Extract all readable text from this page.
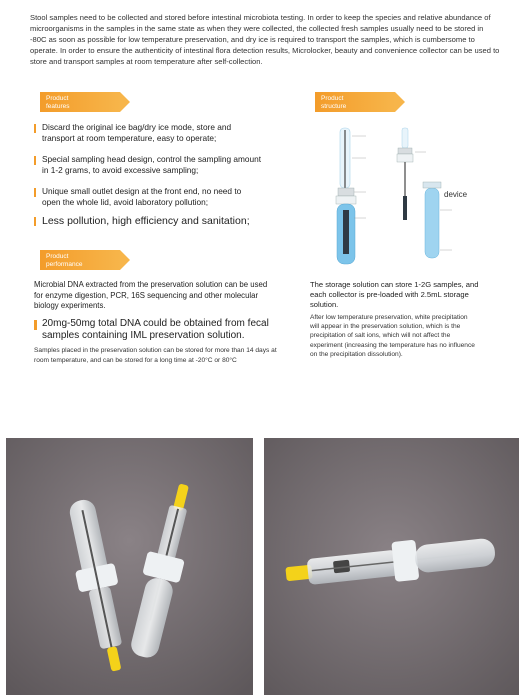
Stool samples need to be collected and stored before intestinal microbiota testing. In order to keep the species and relative abundance of microorganisms in the samples in the same state as when they were collected, the collected fresh samples usually need to be stored in -80C as soon as possible for low temperature preservation, and dry ice is required to transport the samples, which is cumbersome to operate. In order to ensure the authenticity of intestinal flora detection results, Microlocker, beauty and convenience collector can be used to store and transport samples at room temperature after self-collection.
Product
features
Discard the original ice bag/dry ice mode, store and transport at room temperature, easy to operate;
Special sampling head design, control the sampling amount in 1-2 grams, to avoid excessive sampling;
Unique small outlet design at the front end, no need to open the whole lid, avoid laboratory pollution;
Less pollution, high efficiency and sanitation;
Product
performance
Microbial DNA extracted from the preservation solution can be used for enzyme digestion, PCR, 16S sequencing and other molecular biology experiments.
20mg-50mg total DNA could be obtained from fecal samples containing IML preservation solution.
Samples placed in the preservation solution can be stored for more than 14 days at room temperature, and can be stored for a long time at -20°C or 80°C
Product
structure
device
The storage solution can store 1-2G samples, and each collector is pre-loaded with 2.5mL storage solution.
After low temperature preservation, white precipitation will appear in the preservation solution, which is the precipitation of salt ions, which will not affect the experiment (increasing the temperature has no influence on the precipitation dissolution).
